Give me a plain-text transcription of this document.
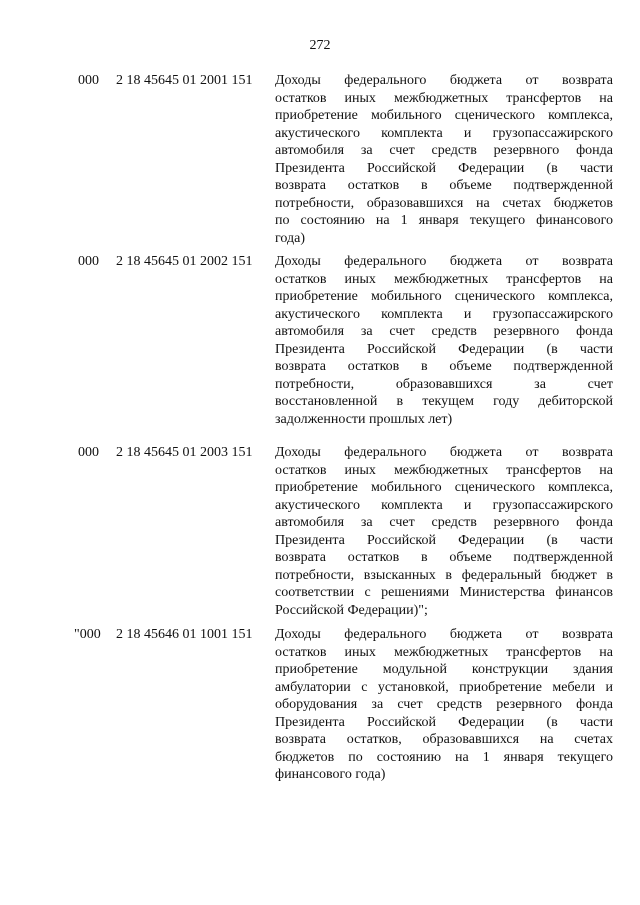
272
000 2 18 45645 01 2001 151 Доходы федерального бюджета от возврата
остатков иных межбюджетных трансфертов на
приобретение мобильного сценического комплекса,
акустического комплекта и грузопассажирского
автомобиля за счет средств резервного фонда
Президента Российской Федерации (в части
возврата остатков в объеме подтвержденной
потребности, образовавшихся на счетах бюджетов
по состоянию на 1 января текущего финансового
года)
000 2 18 45645 01 2002 151 Доходы федерального бюджета от возврата
остатков иных межбюджетных трансфертов на
приобретение мобильного сценического комплекса,
акустического комплекта и грузопассажирского
автомобиля за счет средств резервного фонда
Президента Российской Федерации (в части
возврата остатков в объеме подтвержденной
потребности, образовавшихся за счет
восстановленной в текущем году дебиторской
задолженности прошлых лет)
000 2 18 45645 01 2003 151 Доходы федерального бюджета от возврата
остатков иных межбюджетных трансфертов на
приобретение мобильного сценического комплекса,
акустического комплекта и грузопассажирского
автомобиля за счет средств резервного фонда
Президента Российской Федерации (в части
возврата остатков в объеме подтвержденной
потребности, взысканных в федеральный бюджет в
соответствии с решениями Министерства финансов
Российской Федерации)";
"000 2 18 45646 01 1001 151 Доходы федерального бюджета от возврата
остатков иных межбюджетных трансфертов на
приобретение модульной конструкции здания
амбулатории с установкой, приобретение мебели и
оборудования за счет средств резервного фонда
Президента Российской Федерации (в части
возврата остатков, образовавшихся на счетах
бюджетов по состоянию на 1 января текущего
финансового года)
